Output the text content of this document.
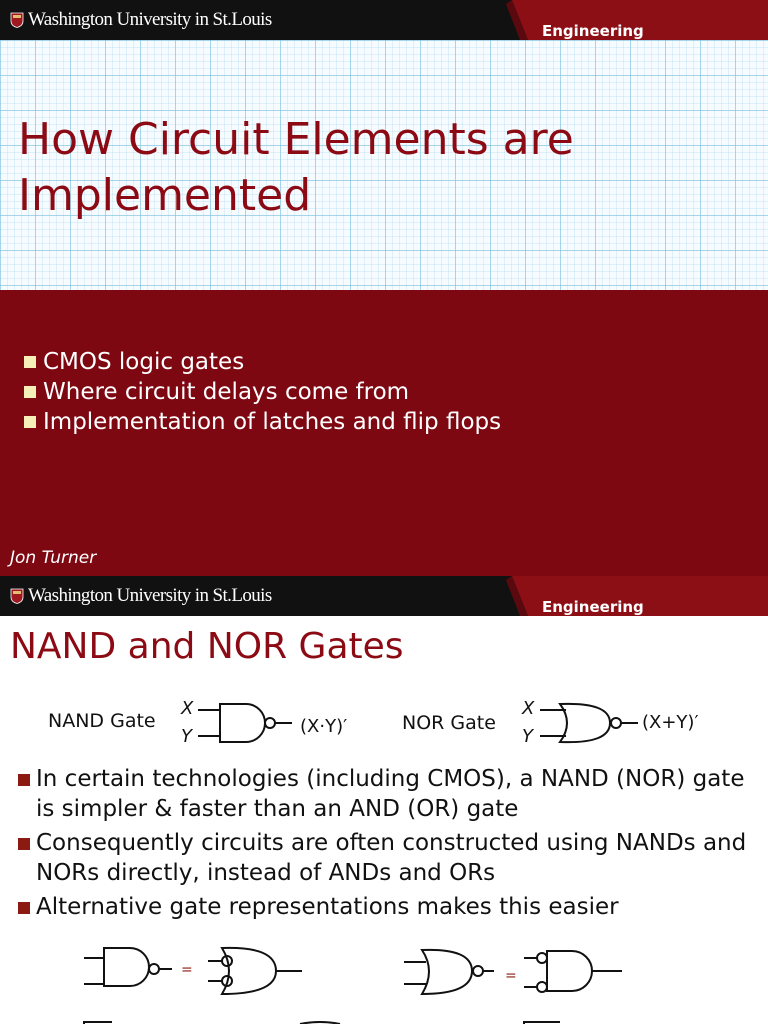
Washington University in St.Louis
Engineering
How Circuit Elements are Implemented
CMOS logic gates
Where circuit delays come from
Implementation of latches and flip flops
Jon Turner
Washington University in St.Louis
Engineering
NAND and NOR Gates
NAND Gate
X
Y	(X·Y)′	NOR Gate
X
Y
(X+Y)′
In certain technologies (including CMOS), a NAND (NOR) gate is simpler & faster than an AND (OR) gate
Consequently circuits are often constructed using NANDs and NORs directly, instead of ANDs and ORs
Alternative gate representations makes this easier
=	=
